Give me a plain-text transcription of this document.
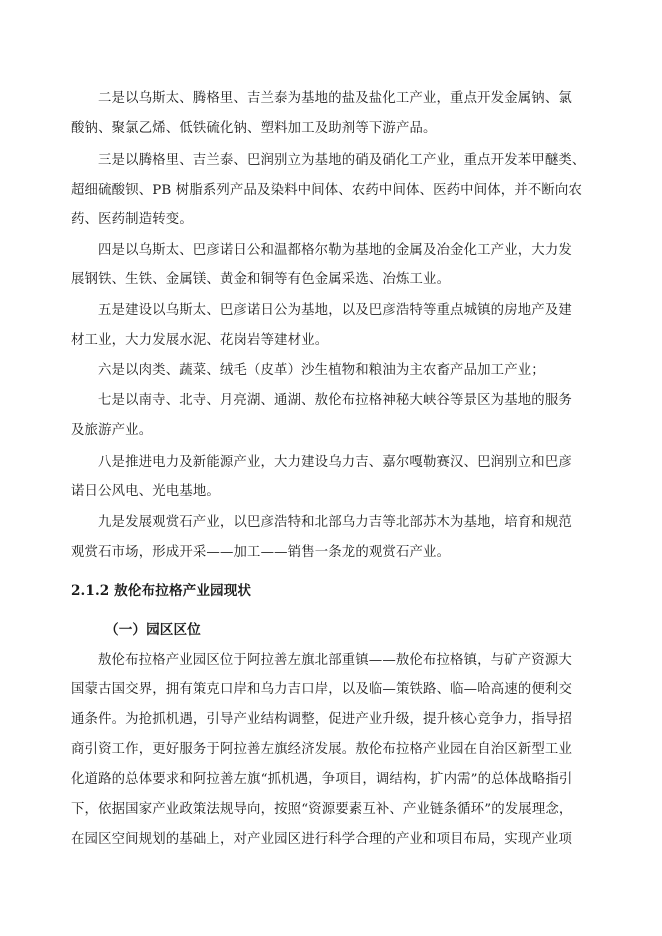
二是以乌斯太、腾格里、吉兰泰为基地的盐及盐化工产业，重点开发金属钠、氯
酸钠、聚氯乙烯、低铁硫化钠、塑料加工及助剂等下游产品。
三是以腾格里、吉兰泰、巴润别立为基地的硝及硝化工产业，重点开发苯甲醚类、
超细硫酸钡、PB 树脂系列产品及染料中间体、农药中间体、医药中间体，并不断向农
药、医药制造转变。
四是以乌斯太、巴彦诺日公和温都格尔勒为基地的金属及冶金化工产业，大力发
展钢铁、生铁、金属镁、黄金和铜等有色金属采选、冶炼工业。
五是建设以乌斯太、巴彦诺日公为基地，以及巴彦浩特等重点城镇的房地产及建
材工业，大力发展水泥、花岗岩等建材业。
六是以肉类、蔬菜、绒毛（皮革）沙生植物和粮油为主农畜产品加工产业；
七是以南寺、北寺、月亮湖、通湖、敖伦布拉格神秘大峡谷等景区为基地的服务
及旅游产业。
八是推进电力及新能源产业，大力建设乌力吉、嘉尔嘎勒赛汉、巴润别立和巴彦
诺日公风电、光电基地。
九是发展观赏石产业，以巴彦浩特和北部乌力吉等北部苏木为基地，培育和规范
观赏石市场，形成开采——加工——销售一条龙的观赏石产业。
2.1.2 敖伦布拉格产业园现状
（一）园区区位
敖伦布拉格产业园区位于阿拉善左旗北部重镇——敖伦布拉格镇，与矿产资源大
国蒙古国交界，拥有策克口岸和乌力吉口岸，以及临—策铁路、临—哈高速的便利交
通条件。为抢抓机遇，引导产业结构调整，促进产业升级，提升核心竞争力，指导招
商引资工作，更好服务于阿拉善左旗经济发展。敖伦布拉格产业园在自治区新型工业
化道路的总体要求和阿拉善左旗“抓机遇，争项目，调结构，扩内需”的总体战略指引
下，依据国家产业政策法规导向，按照“资源要素互补、产业链条循环”的发展理念，
在园区空间规划的基础上，对产业园区进行科学合理的产业和项目布局，实现产业项
